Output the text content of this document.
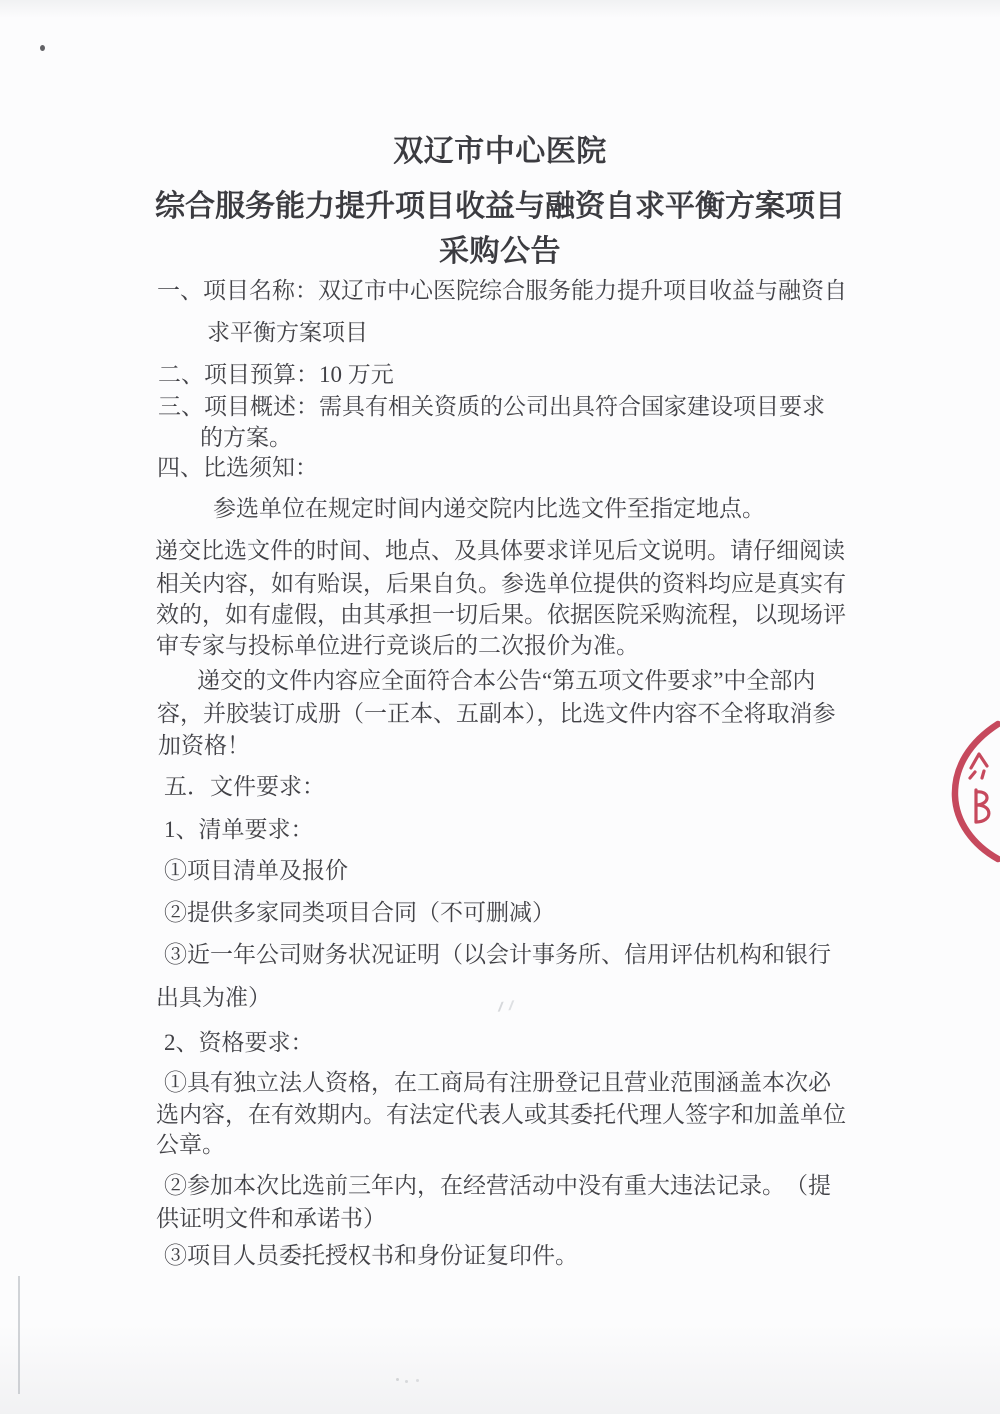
双辽市中心医院
综合服务能力提升项目收益与融资自求平衡方案项目
采购公告
一、项目名称：双辽市中心医院综合服务能力提升项目收益与融资自
求平衡方案项目
二、项目预算：10 万元
三、项目概述：需具有相关资质的公司出具符合国家建设项目要求
的方案。
四、比选须知：
参选单位在规定时间内递交院内比选文件至指定地点。
递交比选文件的时间、地点、及具体要求详见后文说明。请仔细阅读
相关内容，如有贻误，后果自负。参选单位提供的资料均应是真实有
效的，如有虚假，由其承担一切后果。依据医院采购流程，以现场评
审专家与投标单位进行竞谈后的二次报价为准。
递交的文件内容应全面符合本公告“第五项文件要求”中全部内
容，并胶装订成册（一正本、五副本），比选文件内容不全将取消参
加资格！
五．文件要求：
1、清单要求：
①项目清单及报价
②提供多家同类项目合同（不可删减）
③近一年公司财务状况证明（以会计事务所、信用评估机构和银行
出具为准）
2、资格要求：
①具有独立法人资格，在工商局有注册登记且营业范围涵盖本次必
选内容，在有效期内。有法定代表人或其委托代理人签字和加盖单位
公章。
②参加本次比选前三年内，在经营活动中没有重大违法记录。　（提
供证明文件和承诺书）
③项目人员委托授权书和身份证复印件。
